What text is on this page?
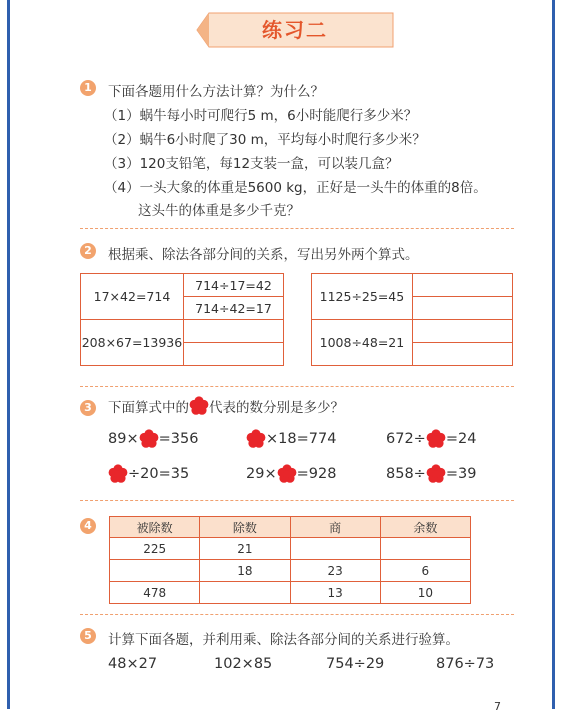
练习二
1	下面各题用什么方法计算？为什么？
（1）蜗牛每小时可爬行5 m，6小时能爬行多少米？
（2）蜗牛6小时爬了30 m，平均每小时爬行多少米？
（3）120支铅笔，每12支装一盒，可以装几盒？
（4）一头大象的体重是5600 kg，正好是一头牛的体重的8倍。
这头牛的体重是多少千克？
2	根据乘、除法各部分间的关系，写出另外两个算式。
17×42=714	714÷17=42
	714÷42=17
208×67=13936	

1125÷25=45	

1008÷48=21	

3	下面算式中的 代表的数分别是多少？
89× =356	×18=774	672÷ =24
÷20=35	29× =928	858÷ =39
4	被除数	除数	商	余数
225	21		
	18	23	6
478		13	10
5	计算下面各题，并利用乘、除法各部分间的关系进行验算。
48×27	102×85	754÷29	876÷73
7
